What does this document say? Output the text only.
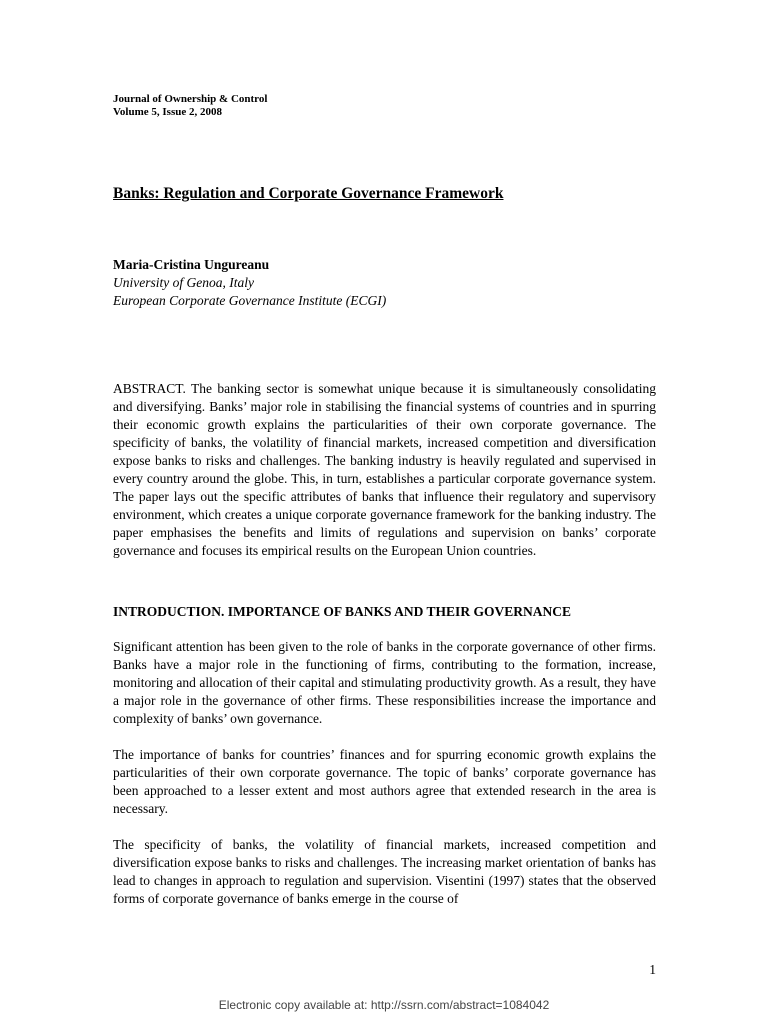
Journal of Ownership & Control
Volume 5, Issue 2, 2008
Banks: Regulation and Corporate Governance Framework
Maria-Cristina Ungureanu
University of Genoa, Italy
European Corporate Governance Institute (ECGI)

ABSTRACT. The banking sector is somewhat unique because it is simultaneously consolidating and diversifying. Banks’ major role in stabilising the financial systems of countries and in spurring their economic growth explains the particularities of their own corporate governance. The specificity of banks, the volatility of financial markets, increased competition and diversification expose banks to risks and challenges. The banking industry is heavily regulated and supervised in every country around the globe. This, in turn, establishes a particular corporate governance system. The paper lays out the specific attributes of banks that influence their regulatory and supervisory environment, which creates a unique corporate governance framework for the banking industry. The paper emphasises the benefits and limits of regulations and supervision on banks’ corporate governance and focuses its empirical results on the European Union countries.

INTRODUCTION. IMPORTANCE OF BANKS AND THEIR GOVERNANCE

Significant attention has been given to the role of banks in the corporate governance of other firms. Banks have a major role in the functioning of firms, contributing to the formation, increase, monitoring and allocation of their capital and stimulating productivity growth. As a result, they have a major role in the governance of other firms. These responsibilities increase the importance and complexity of banks’ own governance.

The importance of banks for countries’ finances and for spurring economic growth explains the particularities of their own corporate governance. The topic of banks’ corporate governance has been approached to a lesser extent and most authors agree that extended research in the area is necessary.

The specificity of banks, the volatility of financial markets, increased competition and diversification expose banks to risks and challenges. The increasing market orientation of banks has lead to changes in approach to regulation and supervision. Visentini (1997) states that the observed forms of corporate governance of banks emerge in the course of

1
Electronic copy available at: http://ssrn.com/abstract=1084042
